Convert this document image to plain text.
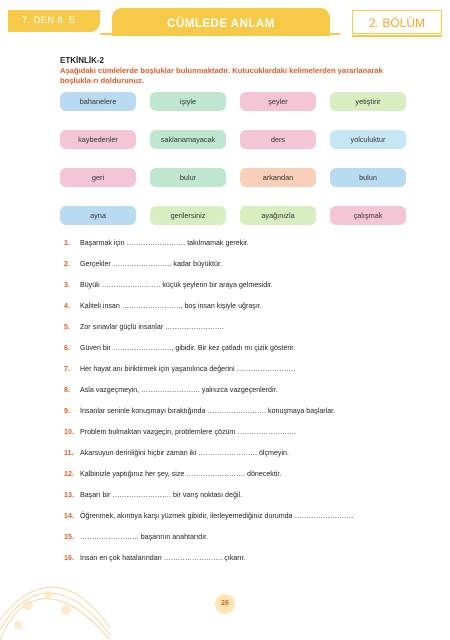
7. DEN 8. E	CÜMLEDE ANLAM	2. BÖLÜM
ETKİNLİK-2
Aşağıdaki cümlelerde boşluklar bulunmaktadır. Kutucuklardaki kelimelerden yararlanarak boşlukla-rı doldurunuz.
bahanelere	işiyle	şeyler	yetiştirir
kaybedenler	saklanamayacak	ders	yolculuktur
geri	bulur	arkandan	bulun
ayna	gerilersiniz	ayağınızla	çalışmak
1. Başarmak için ……………………. takılmamak gerekir.
2. Gerçekler ……………………. kadar büyüktür.
3. Büyük ……………………. küçük şeylerin bir araya gelmesidir.
4. Kaliteli insan ……………………., boş insan kişiyle uğraşır.
5. Zor sınavlar güçlü insanlar …………………….
6. Güven bir ……………………., gibidir. Bir kez çatladı mı çizik gösterir.
7. Her hayat anı biriktirmek için yaşanılınca değerini …………………….
8. Asla vazgeçmeyin, ……………………. yalnızca vazgeçenlerdir.
9. İnsanlar seninle konuşmayı bıraktığında ……………………. konuşmaya başlarlar.
10. Problem bulmaktan vazgeçin, problemlere çözüm …………………….
11. Akarsuyun derinliğini hiçbir zaman iki ……………………. ölçmeyin.
12. Kalbinizle yaptığınız her şey, size ……………………. dönecektir.
13. Başarı bir ……………………. bir varış noktası değil.
14. Öğrenmek, akıntıya karşı yüzmek gibidir, ilerleyemediğiniz durumda …………………….
15. ……………………. başarının anahtarıdır.
16. İnsan en çok hatalarından ……………………. çıkarır.
26
